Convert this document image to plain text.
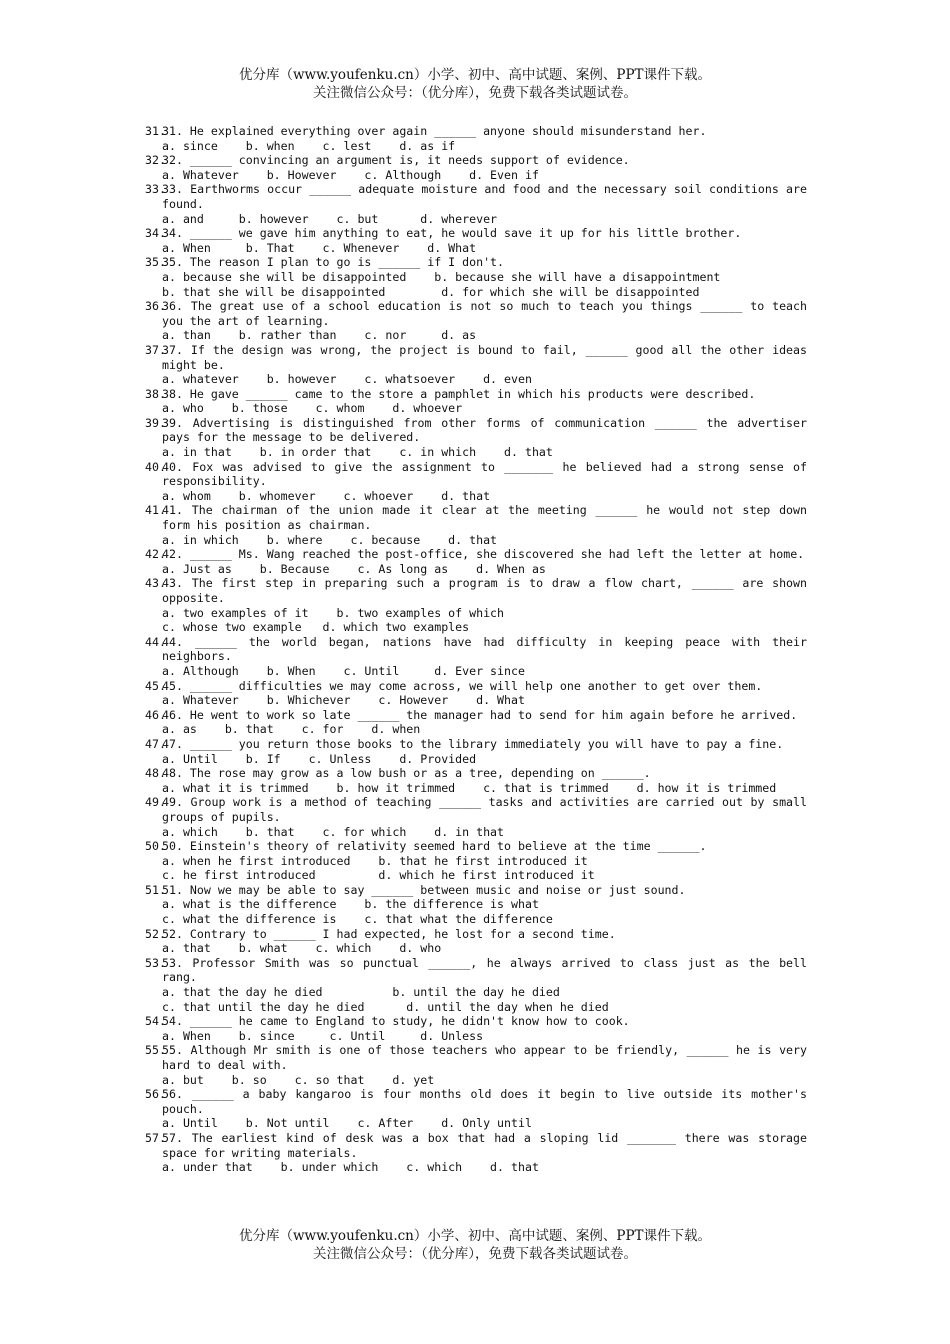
优分库（www.youfenku.cn）小学、初中、高中试题、案例、PPT课件下载。
关注微信公众号：（优分库），免费下载各类试题试卷。
31.
31. He explained everything over again ______ anyone should misunderstand her.
a. since    b. when    c. lest    d. as if
32.
32. ______ convincing an argument is, it needs support of evidence.
a. Whatever    b. However    c. Although    d. Even if
33.
33. Earthworms occur ______ adequate moisture and food and the necessary soil conditions are found.
a. and     b. however    c. but      d. wherever
34.
34. ______ we gave him anything to eat, he would save it up for his little brother.
a. When     b. That    c. Whenever    d. What
35.
35. The reason I plan to go is ______ if I don't.
a. because she will be disappointed    b. because she will have a disappointment
b. that she will be disappointed        d. for which she will be disappointed
36.
36. The great use of a school education is not so much to teach you things ______ to teach you the art of learning.
a. than    b. rather than    c. nor     d. as
37.
37. If the design was wrong, the project is bound to fail, ______ good all the other ideas might be.
a. whatever    b. however    c. whatsoever    d. even
38.
38. He gave ______ came to the store a pamphlet in which his products were described.
a. who    b. those    c. whom    d. whoever
39.
39. Advertising is distinguished from other forms of communication ______ the advertiser pays for the message to be delivered.
a. in that    b. in order that    c. in which    d. that
40.
40. Fox was advised to give the assignment to _______ he believed had a strong sense of responsibility.
a. whom    b. whomever    c. whoever    d. that
41.
41. The chairman of the union made it clear at the meeting ______ he would not step down form his position as chairman.
a. in which    b. where    c. because    d. that
42.
42. ______ Ms. Wang reached the post-office, she discovered she had left the letter at home.
a. Just as    b. Because    c. As long as    d. When as
43.
43. The first step in preparing such a program is to draw a flow chart, ______ are shown opposite.
a. two examples of it    b. two examples of which
c. whose two example   d. which two examples
44.
44. ______ the world began, nations have had difficulty in keeping peace with their neighbors.
a. Although    b. When    c. Until     d. Ever since
45.
45. ______ difficulties we may come across, we will help one another to get over them.
a. Whatever    b. Whichever    c. However    d. What
46.
46. He went to work so late ______ the manager had to send for him again before he arrived.
a. as    b. that    c. for    d. when
47.
47. ______ you return those books to the library immediately you will have to pay a fine.
a. Until    b. If    c. Unless    d. Provided
48.
48. The rose may grow as a low bush or as a tree, depending on ______.
a. what it is trimmed    b. how it trimmed    c. that is trimmed    d. how it is trimmed
49.
49. Group work is a method of teaching ______ tasks and activities are carried out by small groups of pupils.
a. which    b. that    c. for which    d. in that
50.
50. Einstein's theory of relativity seemed hard to believe at the time ______.
a. when he first introduced    b. that he first introduced it
c. he first introduced         d. which he first introduced it
51.
51. Now we may be able to say ______ between music and noise or just sound.
a. what is the difference    b. the difference is what
c. what the difference is    c. that what the difference
52.
52. Contrary to ______ I had expected, he lost for a second time.
a. that    b. what    c. which    d. who
53.
53. Professor Smith was so punctual ______, he always arrived to class just as the bell rang.
a. that the day he died          b. until the day he died
c. that until the day he died      d. until the day when he died
54.
54. ______ he came to England to study, he didn't know how to cook.
a. When    b. since     c. Until     d. Unless
55.
55. Although Mr smith is one of those teachers who appear to be friendly, ______ he is very hard to deal with.
a. but    b. so    c. so that    d. yet
56.
56. ______ a baby kangaroo is four months old does it begin to live outside its mother's pouch.
a. Until    b. Not until    c. After    d. Only until
57.
57. The earliest kind of desk was a box that had a sloping lid _______ there was storage space for writing materials.
a. under that    b. under which    c. which    d. that
优分库（www.youfenku.cn）小学、初中、高中试题、案例、PPT课件下载。
关注微信公众号：（优分库），免费下载各类试题试卷。
